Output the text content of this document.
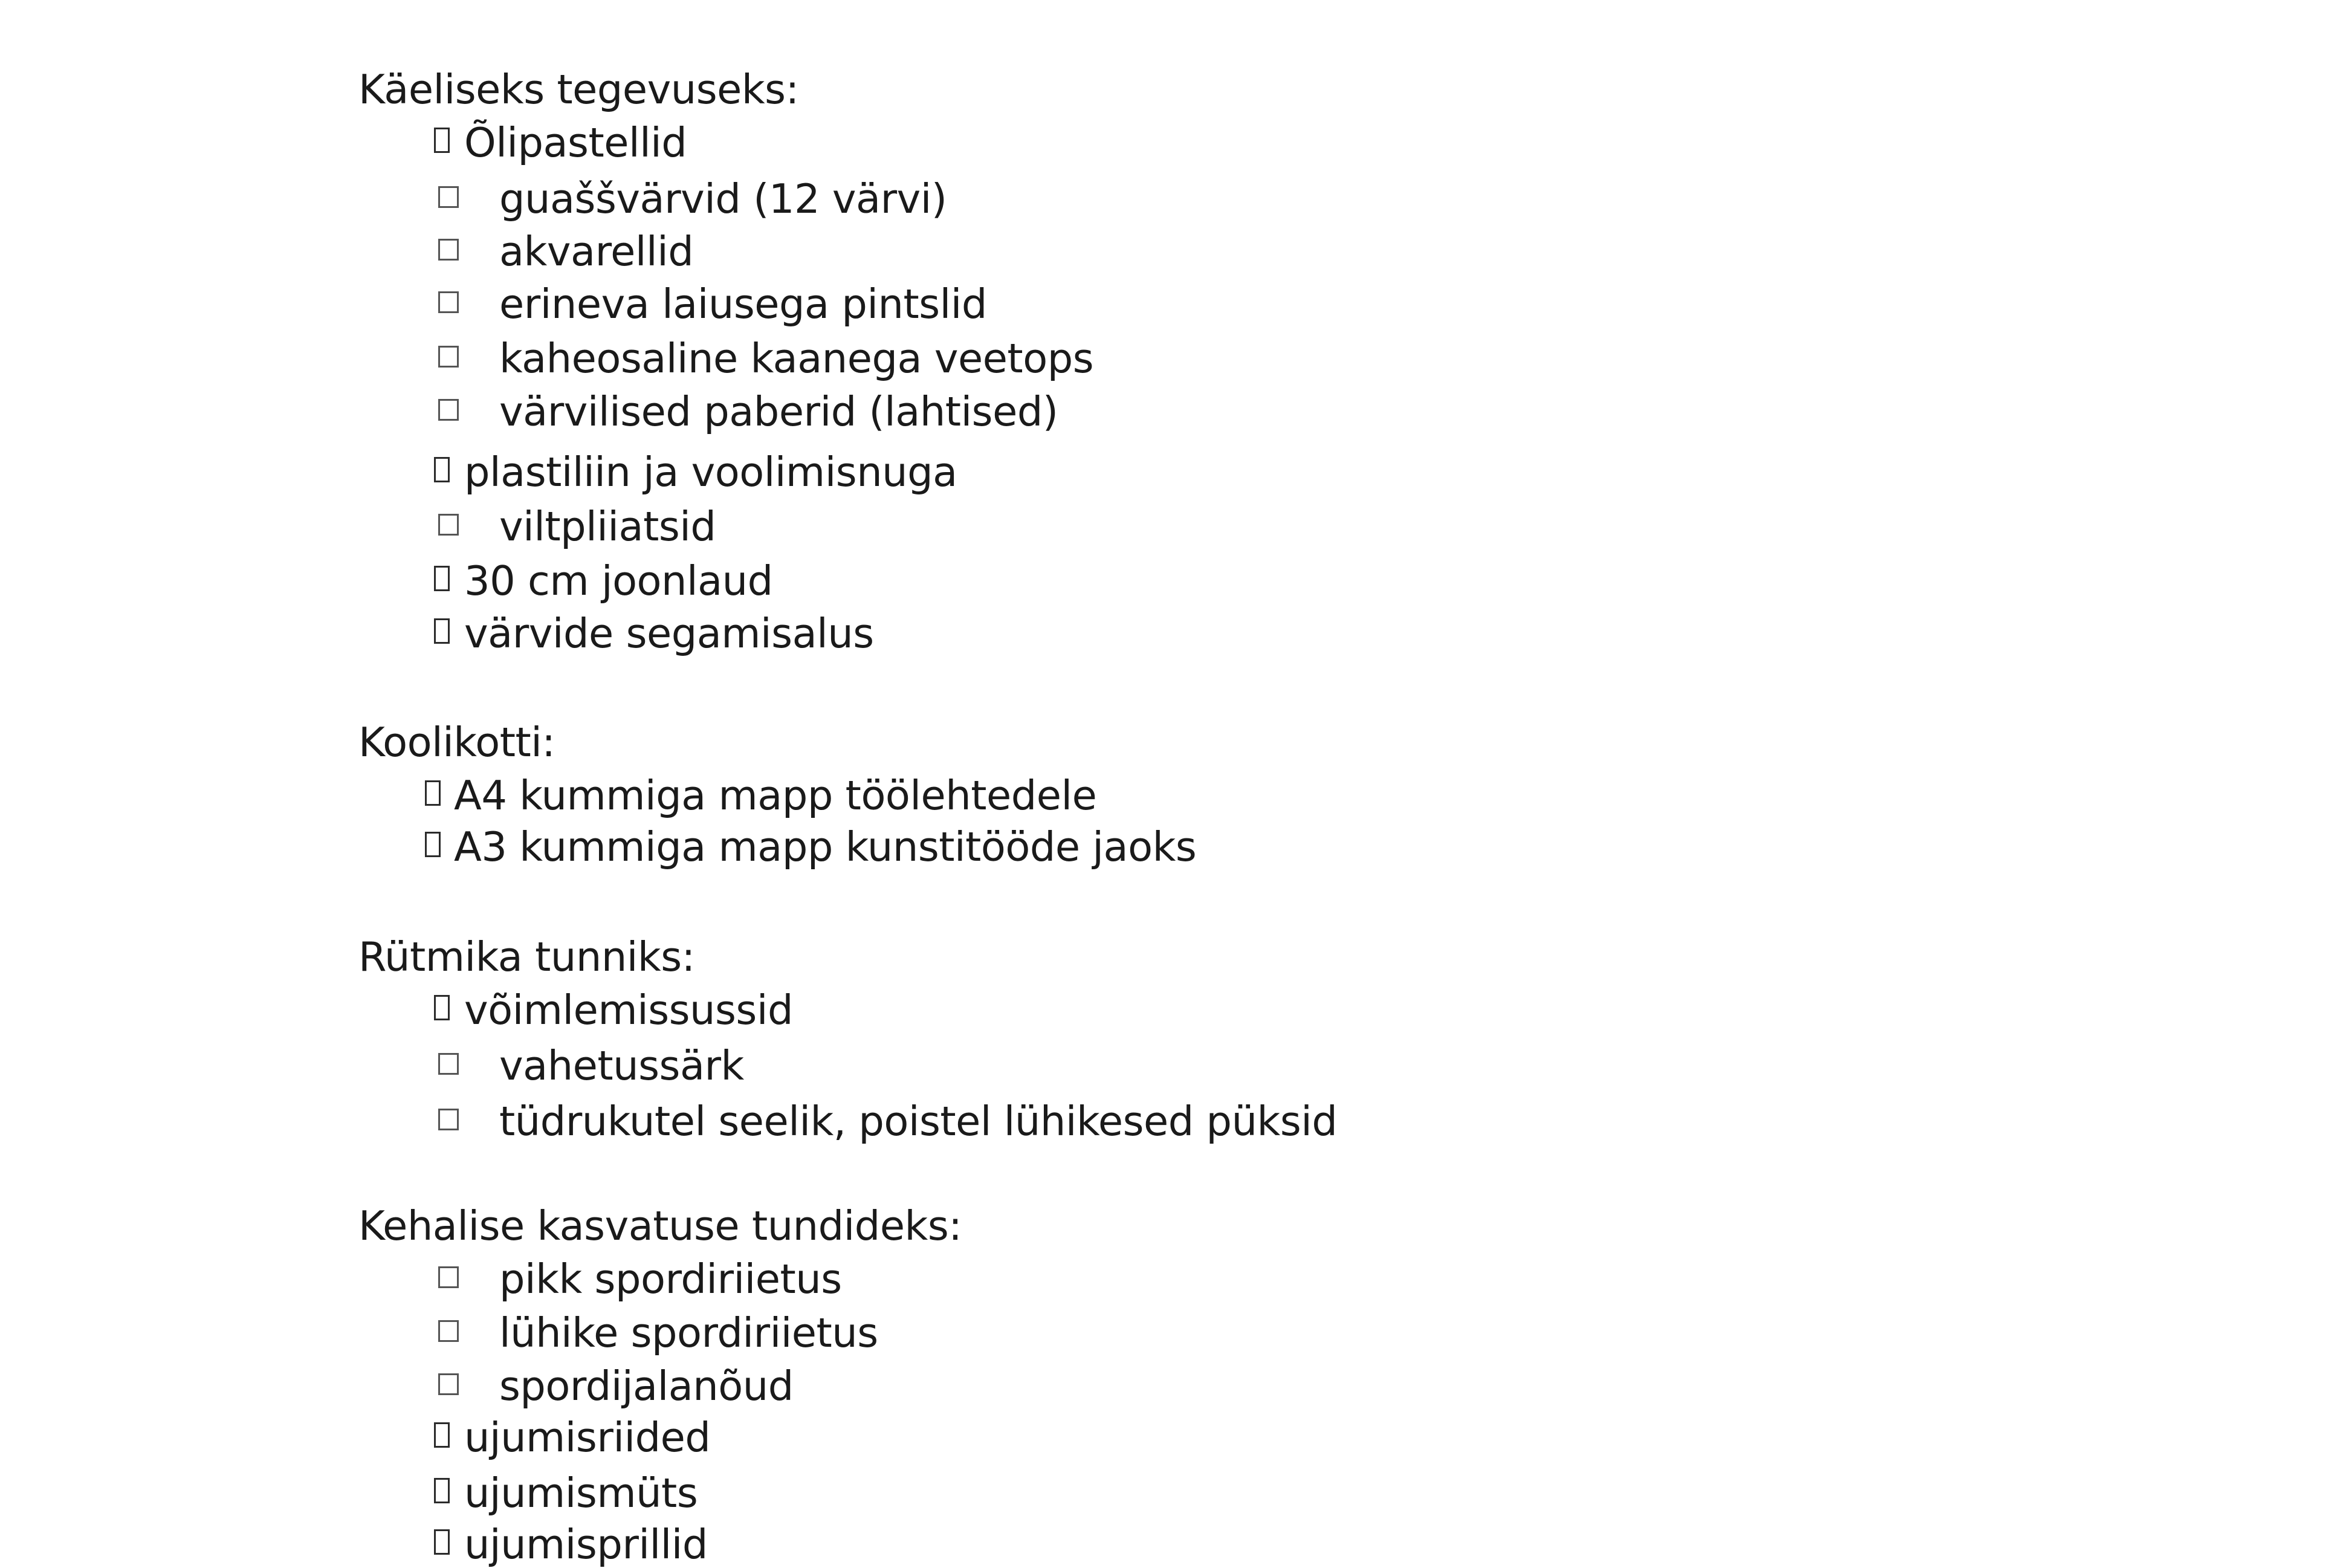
Käeliseks tegevuseks:
Õlipastellid
guaššvärvid (12 värvi)
akvarellid
erineva laiusega pintslid
kaheosaline kaanega veetops
värvilised paberid (lahtised)
plastiliin ja voolimisnuga
viltpliiatsid
30 cm joonlaud
värvide segamisalus
Koolikotti:
A4 kummiga mapp töölehtedele
A3 kummiga mapp kunstitööde jaoks
Rütmika tunniks:
võimlemissussid
vahetussärk
tüdrukutel seelik, poistel lühikesed püksid
Kehalise kasvatuse tundideks:
pikk spordiriietus
lühike spordiriietus
spordijalanõud
ujumisriided
ujumismüts
ujumisprillid
